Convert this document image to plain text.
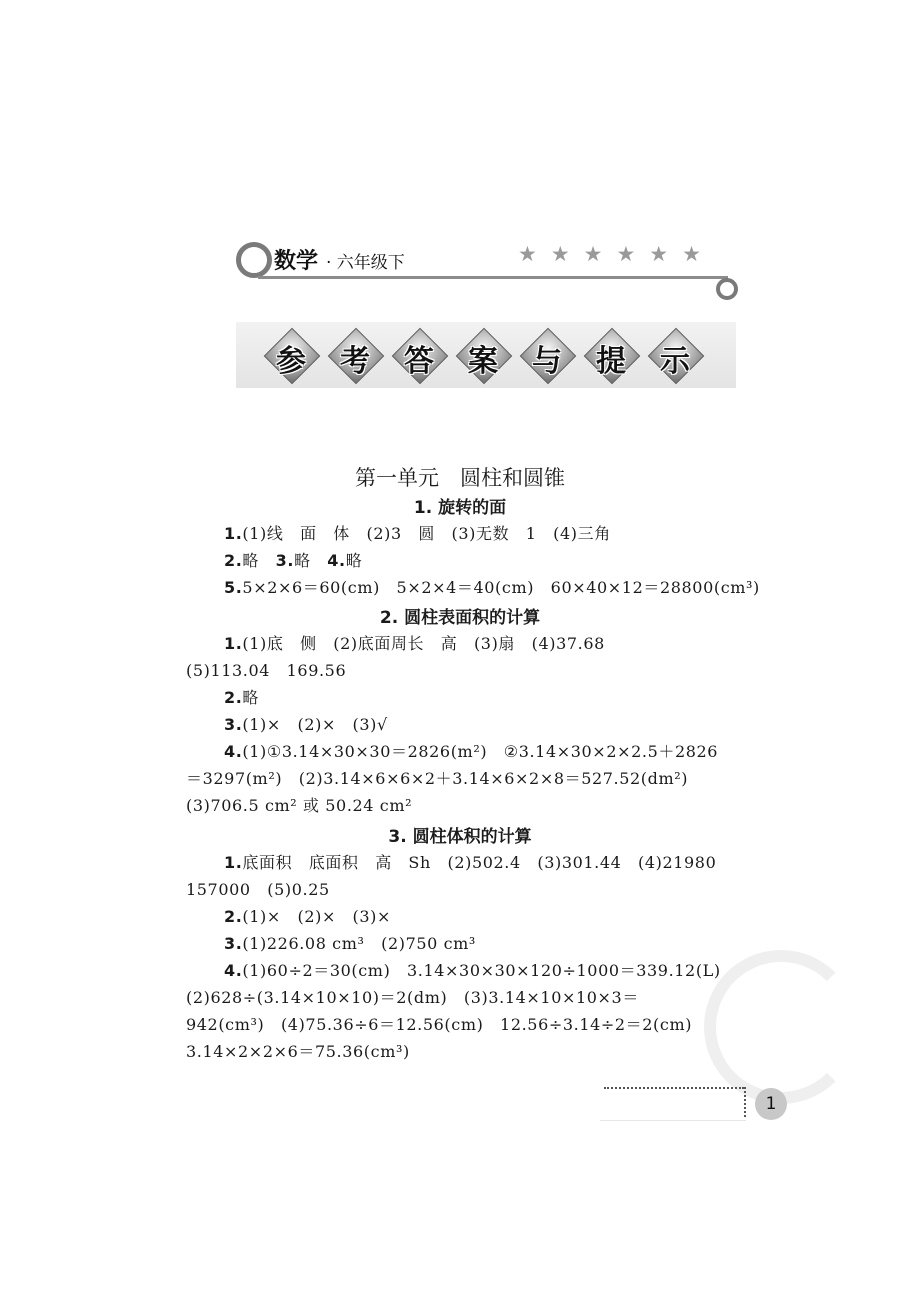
数学 · 六年级下	★★★★★★
参	考	答	案	与	提	示
第一单元　圆柱和圆锥
1. 旋转的面
1.(1)线　面　体　(2)3　圆　(3)无数　1　(4)三角
2.略　 3.略　 4.略
5.5×2×6＝60(cm)　5×2×4＝40(cm)　60×40×12＝28800(cm³)
2. 圆柱表面积的计算
1.(1)底　侧　(2)底面周长　高　(3)扇　(4)37.68
(5)113.04　169.56
2.略
3.(1)×　(2)×　(3)√
4.(1)①3.14×30×30＝2826(m²)　②3.14×30×2×2.5＋2826
＝3297(m²)　(2)3.14×6×6×2＋3.14×6×2×8＝527.52(dm²)
(3)706.5 cm² 或 50.24 cm²
3. 圆柱体积的计算
1.底面积　底面积　高　Sh　(2)502.4　(3)301.44　(4)21980
157000　(5)0.25
2.(1)×　(2)×　(3)×
3.(1)226.08 cm³　(2)750 cm³
4.(1)60÷2＝30(cm)　3.14×30×30×120÷1000＝339.12(L)
(2)628÷(3.14×10×10)＝2(dm)　(3)3.14×10×10×3＝
942(cm³)　(4)75.36÷6＝12.56(cm)　12.56÷3.14÷2＝2(cm)
3.14×2×2×6＝75.36(cm³)
1
